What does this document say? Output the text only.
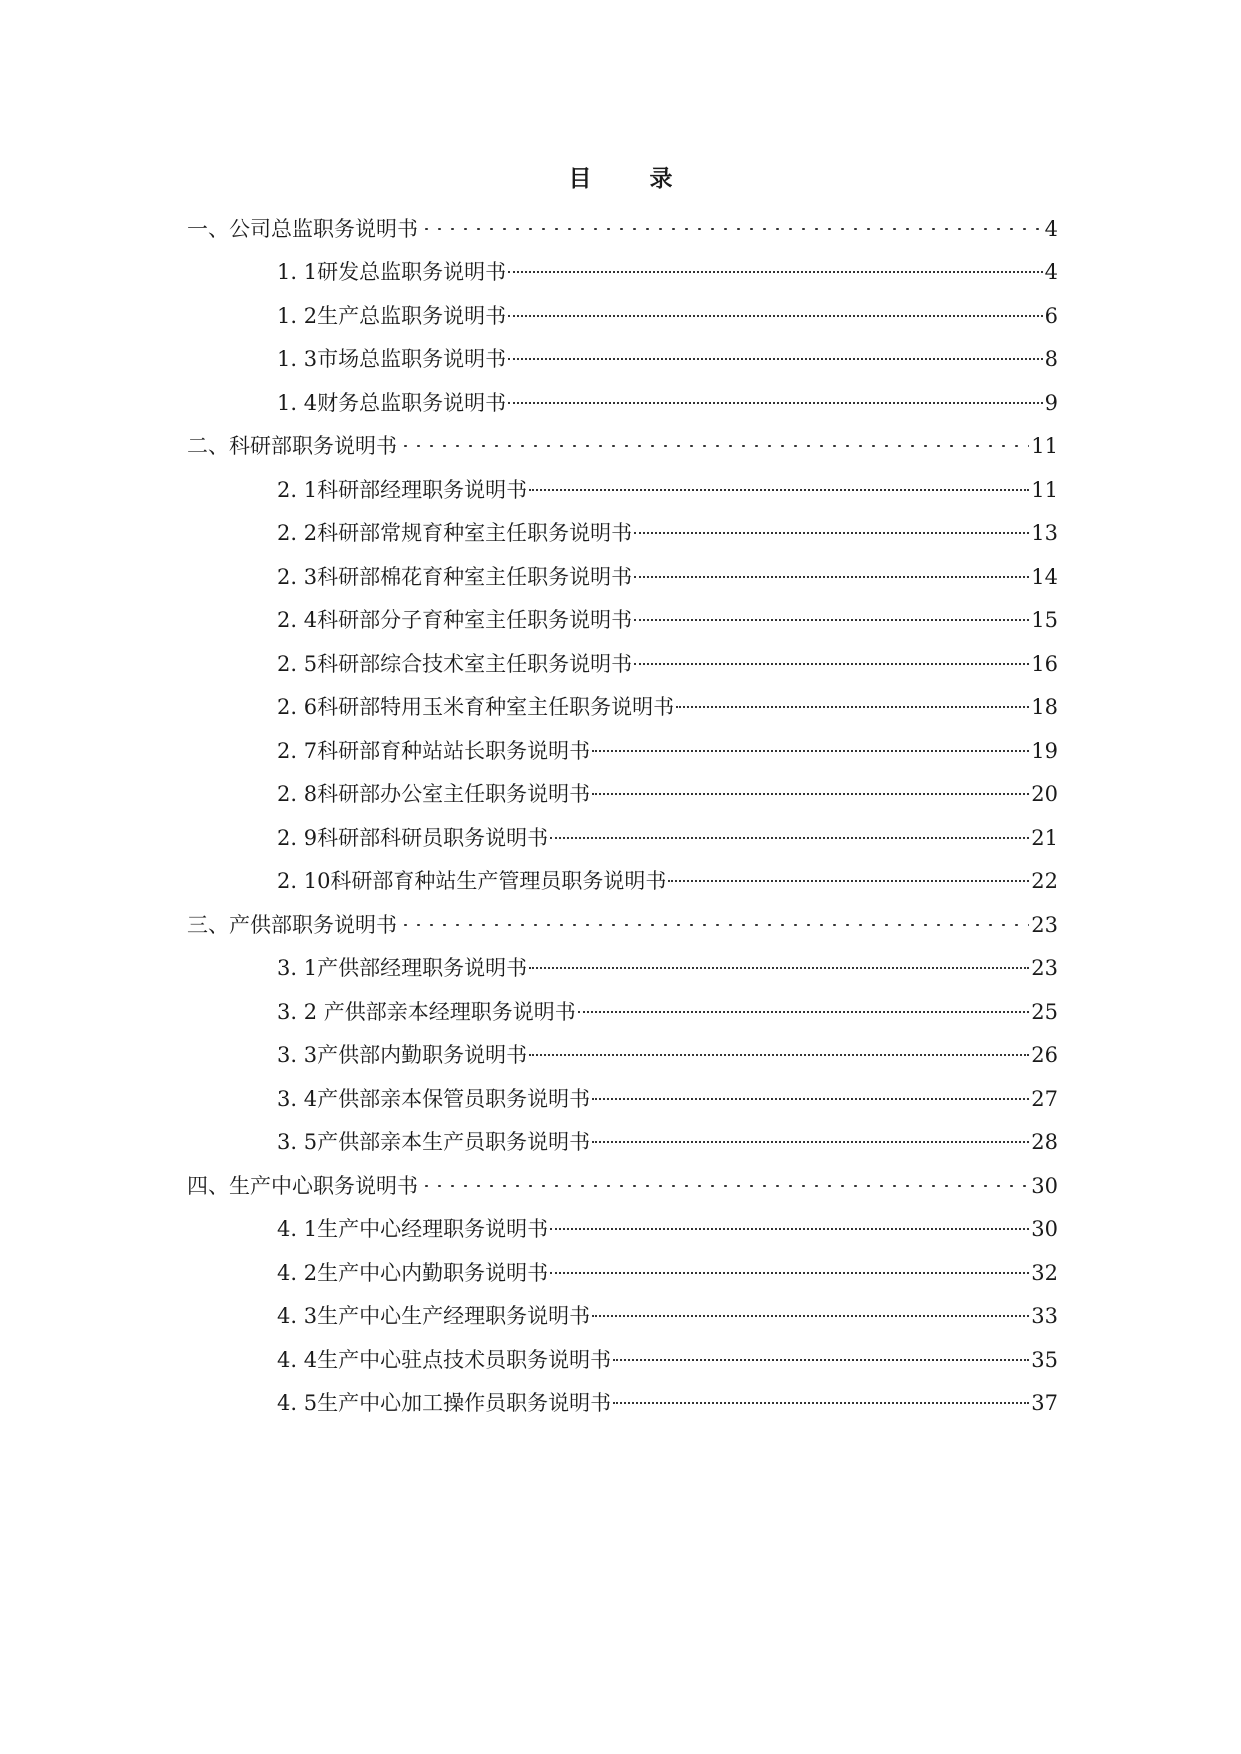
目	录
一、公司总监职务说明书	4
1. 1研发总监职务说明书	4
1. 2生产总监职务说明书	6
1. 3市场总监职务说明书	8
1. 4财务总监职务说明书	9
二、科研部职务说明书	11
2. 1科研部经理职务说明书	11
2. 2科研部常规育种室主任职务说明书	13
2. 3科研部棉花育种室主任职务说明书	14
2. 4科研部分子育种室主任职务说明书	15
2. 5科研部综合技术室主任职务说明书	16
2. 6科研部特用玉米育种室主任职务说明书	18
2. 7科研部育种站站长职务说明书	19
2. 8科研部办公室主任职务说明书	20
2. 9科研部科研员职务说明书	21
2. 10科研部育种站生产管理员职务说明书	22
三、产供部职务说明书	23
3. 1产供部经理职务说明书	23
3. 2 产供部亲本经理职务说明书	25
3. 3产供部内勤职务说明书	26
3. 4产供部亲本保管员职务说明书	27
3. 5产供部亲本生产员职务说明书	28
四、生产中心职务说明书	30
4. 1生产中心经理职务说明书	30
4. 2生产中心内勤职务说明书	32
4. 3生产中心生产经理职务说明书	33
4. 4生产中心驻点技术员职务说明书	35
4. 5生产中心加工操作员职务说明书	37
